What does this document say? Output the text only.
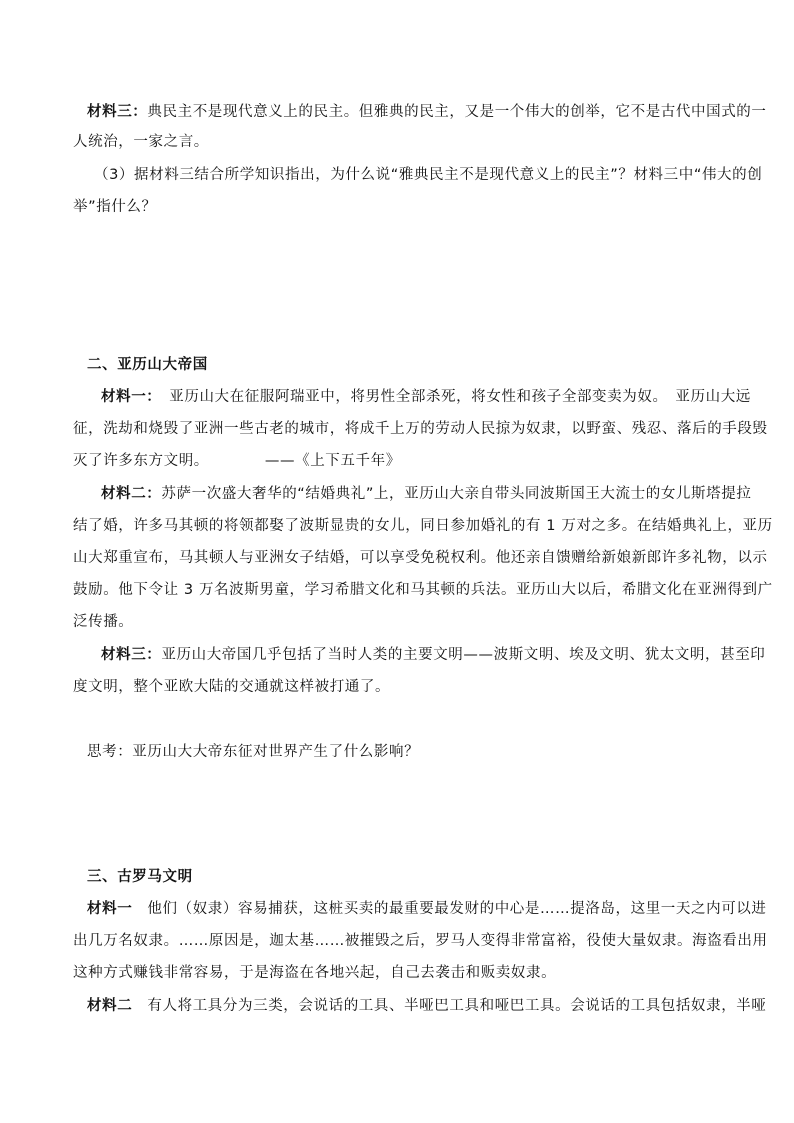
材料三：典民主不是现代意义上的民主。但雅典的民主，又是一个伟大的创举，它不是古代中国式的一
人统治，一家之言。
（3）据材料三结合所学知识指出，为什么说“雅典民主不是现代意义上的民主”？材料三中“伟大的创
举”指什么？
二、亚历山大帝国
材料一：　亚历山大在征服阿瑞亚中，将男性全部杀死，将女性和孩子全部变卖为奴。　亚历山大远
征，洗劫和烧毁了亚洲一些古老的城市，将成千上万的劳动人民掠为奴隶，以野蛮、残忍、落后的手段毁
灭了许多东方文明。	——《上下五千年》
材料二：苏萨一次盛大奢华的“结婚典礼”上，亚历山大亲自带头同波斯国王大流士的女儿斯塔提拉
结了婚，许多马其顿的将领都娶了波斯显贵的女儿，同日参加婚礼的有 1 万对之多。在结婚典礼上，亚历
山大郑重宣布，马其顿人与亚洲女子结婚，可以享受免税权利。他还亲自馈赠给新娘新郎许多礼物，以示
鼓励。他下令让 3 万名波斯男童，学习希腊文化和马其顿的兵法。亚历山大以后，希腊文化在亚洲得到广
泛传播。
材料三：亚历山大帝国几乎包括了当时人类的主要文明——波斯文明、埃及文明、犹太文明，甚至印
度文明，整个亚欧大陆的交通就这样被打通了。
思考：亚历山大大帝东征对世界产生了什么影响？
三、古罗马文明
材料一　他们（奴隶）容易捕获，这桩买卖的最重要最发财的中心是……提洛岛，这里一天之内可以进
出几万名奴隶。……原因是，迦太基……被摧毁之后，罗马人变得非常富裕，役使大量奴隶。海盗看出用
这种方式赚钱非常容易，于是海盗在各地兴起，自己去袭击和贩卖奴隶。
材料二　有人将工具分为三类，会说话的工具、半哑巴工具和哑巴工具。会说话的工具包括奴隶，半哑
